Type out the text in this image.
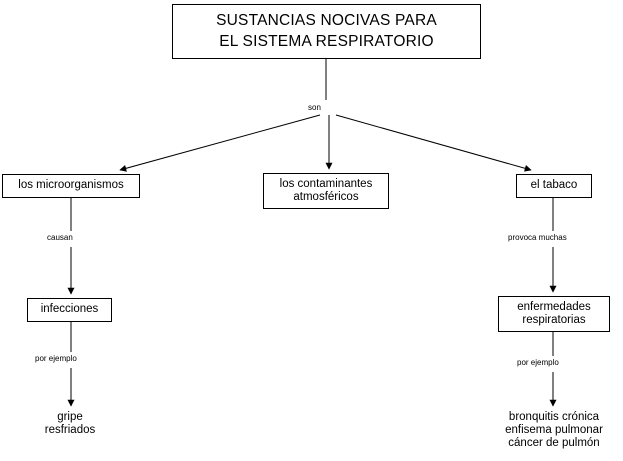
SUSTANCIAS NOCIVAS PARA
EL SISTEMA RESPIRATORIO
los microorganismos	los contaminantes
atmosféricos
el tabaco
infecciones	enfermedades
respiratorias
gripe
resfriados
bronquitis crónica
enfisema pulmonar
cáncer de pulmón
son
causan	provoca muchas
por ejemplo	por ejemplo
